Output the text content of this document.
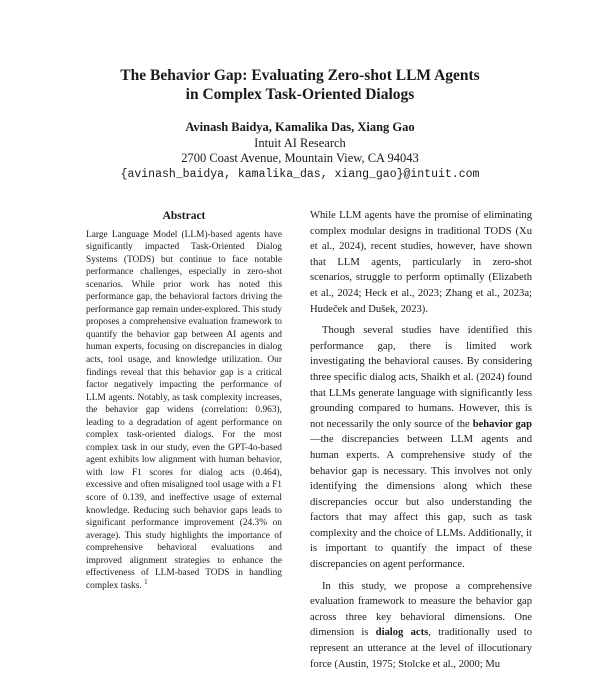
The Behavior Gap: Evaluating Zero-shot LLM Agents
in Complex Task-Oriented Dialogs
Avinash Baidya, Kamalika Das, Xiang Gao
Intuit AI Research
2700 Coast Avenue, Mountain View, CA 94043
{avinash_baidya, kamalika_das, xiang_gao}@intuit.com
Abstract
Large Language Model (LLM)-based agents have significantly impacted Task-Oriented Dialog Systems (TODS) but continue to face notable performance challenges, especially in zero-shot scenarios. While prior work has noted this performance gap, the behavioral factors driving the performance gap remain under-explored. This study proposes a comprehensive evaluation framework to quantify the behavior gap between AI agents and human experts, focusing on discrepancies in dialog acts, tool usage, and knowledge utilization. Our findings reveal that this behavior gap is a critical factor negatively impacting the performance of LLM agents. Notably, as task complexity increases, the behavior gap widens (correlation: 0.963), leading to a degradation of agent performance on complex task-oriented dialogs. For the most complex task in our study, even the GPT-4o-based agent exhibits low alignment with human behavior, with low F1 scores for dialog acts (0.464), excessive and often misaligned tool usage with a F1 score of 0.139, and ineffective usage of external knowledge. Reducing such behavior gaps leads to significant performance improvement (24.3% on average). This study highlights the importance of comprehensive behavioral evaluations and improved alignment strategies to enhance the effectiveness of LLM-based TODS in handling complex tasks. $^1$

While LLM agents have the promise of eliminating complex modular designs in traditional TODS (Xu et al., 2024), recent studies, however, have shown that LLM agents, particularly in zero-shot scenarios, struggle to perform optimally (Elizabeth et al., 2024; Heck et al., 2023; Zhang et al., 2023a; Hudeček and Dušek, 2023).

Though several studies have identified this performance gap, there is limited work investigating the behavioral causes. By considering three specific dialog acts, Shaikh et al. (2024) found that LLMs generate language with significantly less grounding compared to humans. However, this is not necessarily the only source of the behavior gap—the discrepancies between LLM agents and human experts. A comprehensive study of the behavior gap is necessary. This involves not only identifying the dimensions along which these discrepancies occur but also understanding the factors that may affect this gap, such as task complexity and the choice of LLMs. Additionally, it is important to quantify the impact of these discrepancies on agent performance.

In this study, we propose a comprehensive evaluation framework to measure the behavior gap across three key behavioral dimensions. One dimension is dialog acts, traditionally used to represent an utterance at the level of illocutionary force (Austin, 1975; Stolcke et al., 2000; Mu
